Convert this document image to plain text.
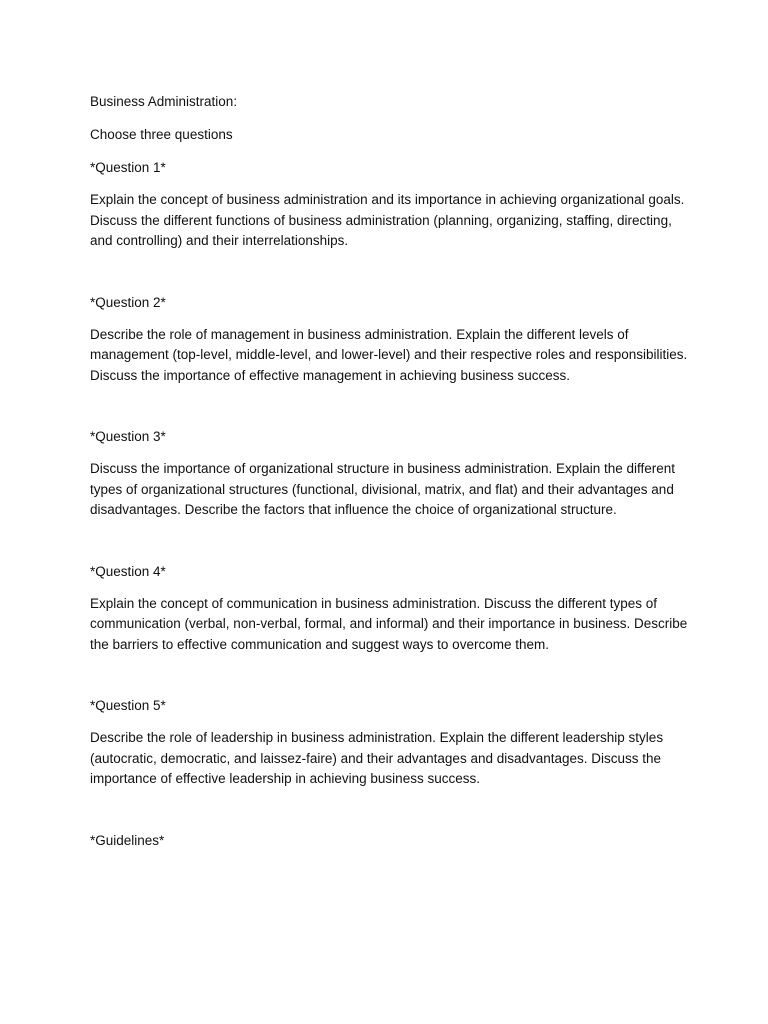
Business Administration:

Choose three questions

*Question 1*

Explain the concept of business administration and its importance in achieving organizational goals. Discuss the different functions of business administration (planning, organizing, staffing, directing, and controlling) and their interrelationships.

*Question 2*

Describe the role of management in business administration. Explain the different levels of management (top-level, middle-level, and lower-level) and their respective roles and responsibilities. Discuss the importance of effective management in achieving business success.

*Question 3*

Discuss the importance of organizational structure in business administration. Explain the different types of organizational structures (functional, divisional, matrix, and flat) and their advantages and disadvantages. Describe the factors that influence the choice of organizational structure.

*Question 4*

Explain the concept of communication in business administration. Discuss the different types of communication (verbal, non-verbal, formal, and informal) and their importance in business. Describe the barriers to effective communication and suggest ways to overcome them.

*Question 5*

Describe the role of leadership in business administration. Explain the different leadership styles (autocratic, democratic, and laissez-faire) and their advantages and disadvantages. Discuss the importance of effective leadership in achieving business success.

*Guidelines*
